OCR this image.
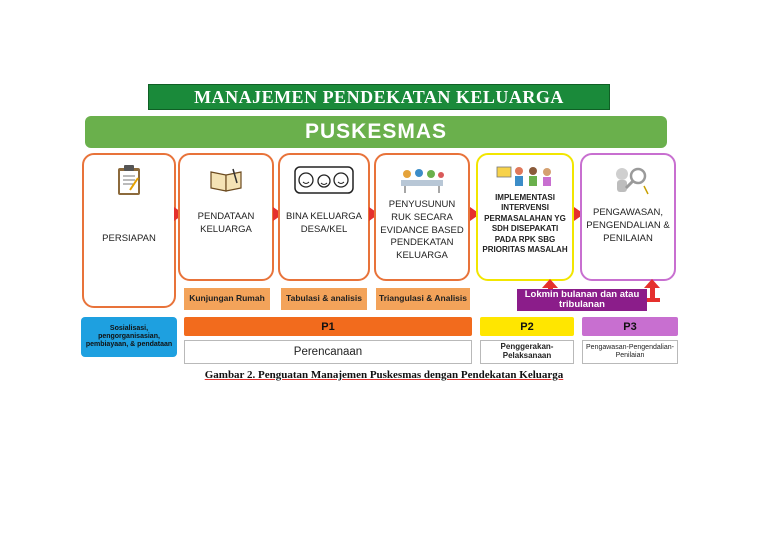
MANAJEMEN PENDEKATAN KELUARGA
PUSKESMAS
PERSIAPAN
PENDATAAN KELUARGA
BINA KELUARGA DESA/KEL
PENYUSUNUN RUK SECARA EVIDANCE BASED PENDEKATAN KELUARGA
IMPLEMENTASI INTERVENSI PERMASALAHAN YG SDH DISEPAKATI PADA RPK SBG PRIORITAS MASALAH
PENGAWASAN, PENGENDALIAN & PENILAIAN
Kunjungan Rumah	Tabulasi & analisis	Triangulasi & Analisis	Lokmin bulanan dan atau tribulanan
Sosialisasi, pengorganisasian, pembiayaan, & pendataan
P1	P2	P3
Perencanaan	Penggerakan-Pelaksanaan
Pengawasan-Pengendalian-Penilaian
Gambar 2. Penguatan Manajemen Puskesmas dengan Pendekatan Keluarga
